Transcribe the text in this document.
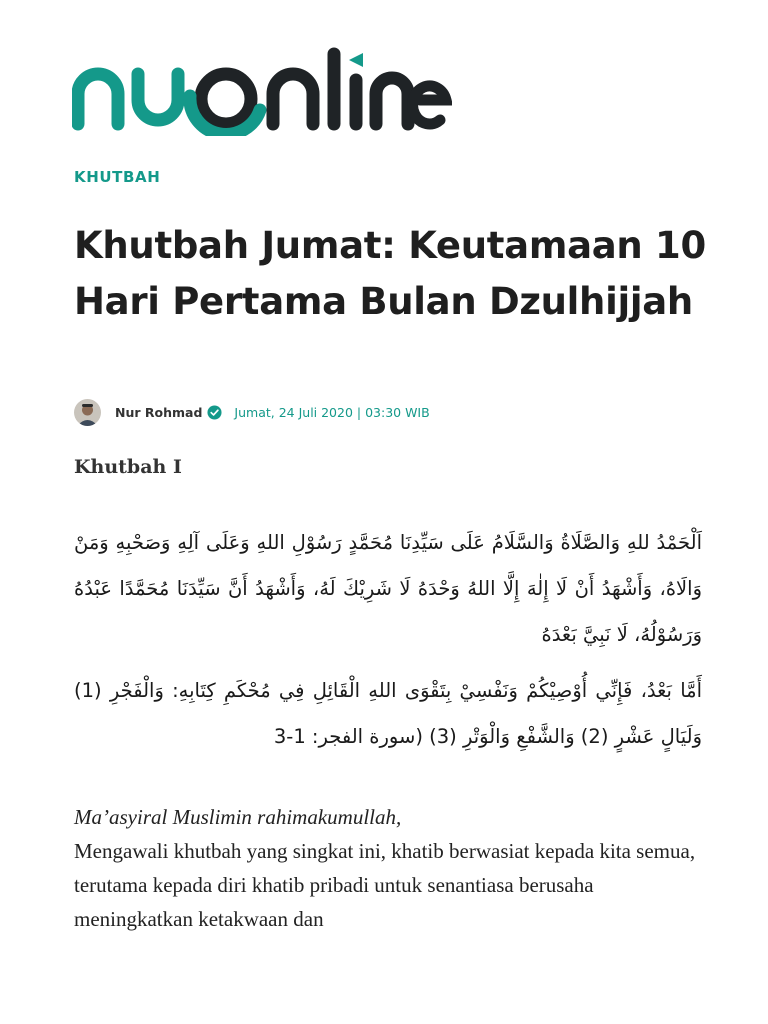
KHUTBAH
Khutbah Jumat: Keutamaan 10 Hari Pertama Bulan Dzulhijjah
Nur Rohmad	Jumat, 24 Juli 2020 | 03:30 WIB
Khutbah I

اَلْحَمْدُ للهِ وَالصَّلَاةُ وَالسَّلَامُ عَلَى سَيِّدِنَا مُحَمَّدٍ رَسُوْلِ اللهِ وَعَلَى آلِهِ وَصَحْبِهِ وَمَنْ وَالَاهُ، وَأَشْهَدُ أَنْ لَا إِلٰهَ إِلَّا اللهُ وَحْدَهُ لَا شَرِيْكَ لَهُ، وَأَشْهَدُ أَنَّ سَيِّدَنَا مُحَمَّدًا عَبْدُهُ وَرَسُوْلُهُ، لَا نَبِيَّ بَعْدَهُ

أَمَّا بَعْدُ، فَإِنِّي أُوْصِيْكُمْ وَنَفْسِيْ بِتَقْوَى اللهِ الْقَائِلِ فِي مُحْكَمِ كِتَابِهِ: وَالْفَجْرِ (1) وَلَيَالٍ عَشْرٍ (2) وَالشَّفْعِ وَالْوَتْرِ (3) (سورة الفجر: 1-3

Ma’asyiral Muslimin rahimakumullah,

Mengawali khutbah yang singkat ini, khatib berwasiat kepada kita semua, terutama kepada diri khatib pribadi untuk senantiasa berusaha meningkatkan ketakwaan dan
